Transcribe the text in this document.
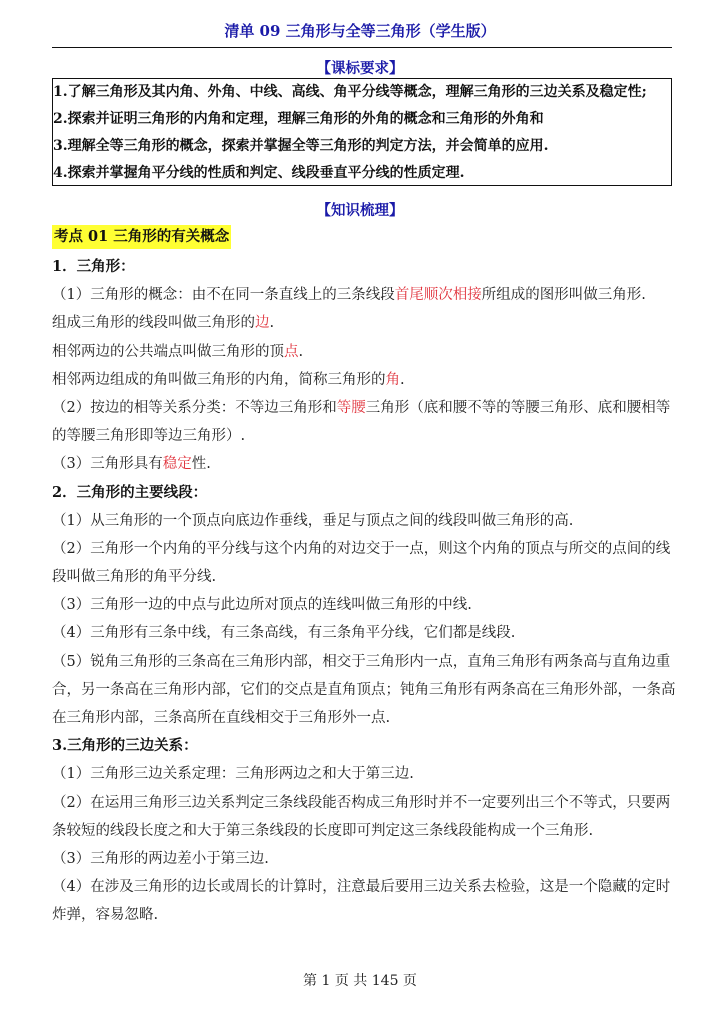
清单 09 三角形与全等三角形（学生版）
【课标要求】
1.了解三角形及其内角、外角、中线、高线、角平分线等概念，理解三角形的三边关系及稳定性;
2.探索并证明三角形的内角和定理，理解三角形的外角的概念和三角形的外角和
3.理解全等三角形的概念，探索并掌握全等三角形的判定方法，并会简单的应用.
4.探索并掌握角平分线的性质和判定、线段垂直平分线的性质定理.
【知识梳理】
考点 01 三角形的有关概念
1．三角形：
（1）三角形的概念：由不在同一条直线上的三条线段首尾顺次相接所组成的图形叫做三角形.
组成三角形的线段叫做三角形的边.
相邻两边的公共端点叫做三角形的顶点.
相邻两边组成的角叫做三角形的内角，简称三角形的角.
（2）按边的相等关系分类：不等边三角形和等腰三角形（底和腰不等的等腰三角形、底和腰相等
的等腰三角形即等边三角形）.
（3）三角形具有稳定性.
2．三角形的主要线段：
（1）从三角形的一个顶点向底边作垂线，垂足与顶点之间的线段叫做三角形的高.
（2）三角形一个内角的平分线与这个内角的对边交于一点，则这个内角的顶点与所交的点间的线
段叫做三角形的角平分线.
（3）三角形一边的中点与此边所对顶点的连线叫做三角形的中线.
（4）三角形有三条中线，有三条高线，有三条角平分线，它们都是线段.
（5）锐角三角形的三条高在三角形内部，相交于三角形内一点，直角三角形有两条高与直角边重
合，另一条高在三角形内部，它们的交点是直角顶点；钝角三角形有两条高在三角形外部，一条高
在三角形内部，三条高所在直线相交于三角形外一点.
3.三角形的三边关系：
（1）三角形三边关系定理：三角形两边之和大于第三边.
（2）在运用三角形三边关系判定三条线段能否构成三角形时并不一定要列出三个不等式，只要两
条较短的线段长度之和大于第三条线段的长度即可判定这三条线段能构成一个三角形.
（3）三角形的两边差小于第三边.
（4）在涉及三角形的边长或周长的计算时，注意最后要用三边关系去检验，这是一个隐藏的定时
炸弹，容易忽略.
第 1 页 共 145 页
